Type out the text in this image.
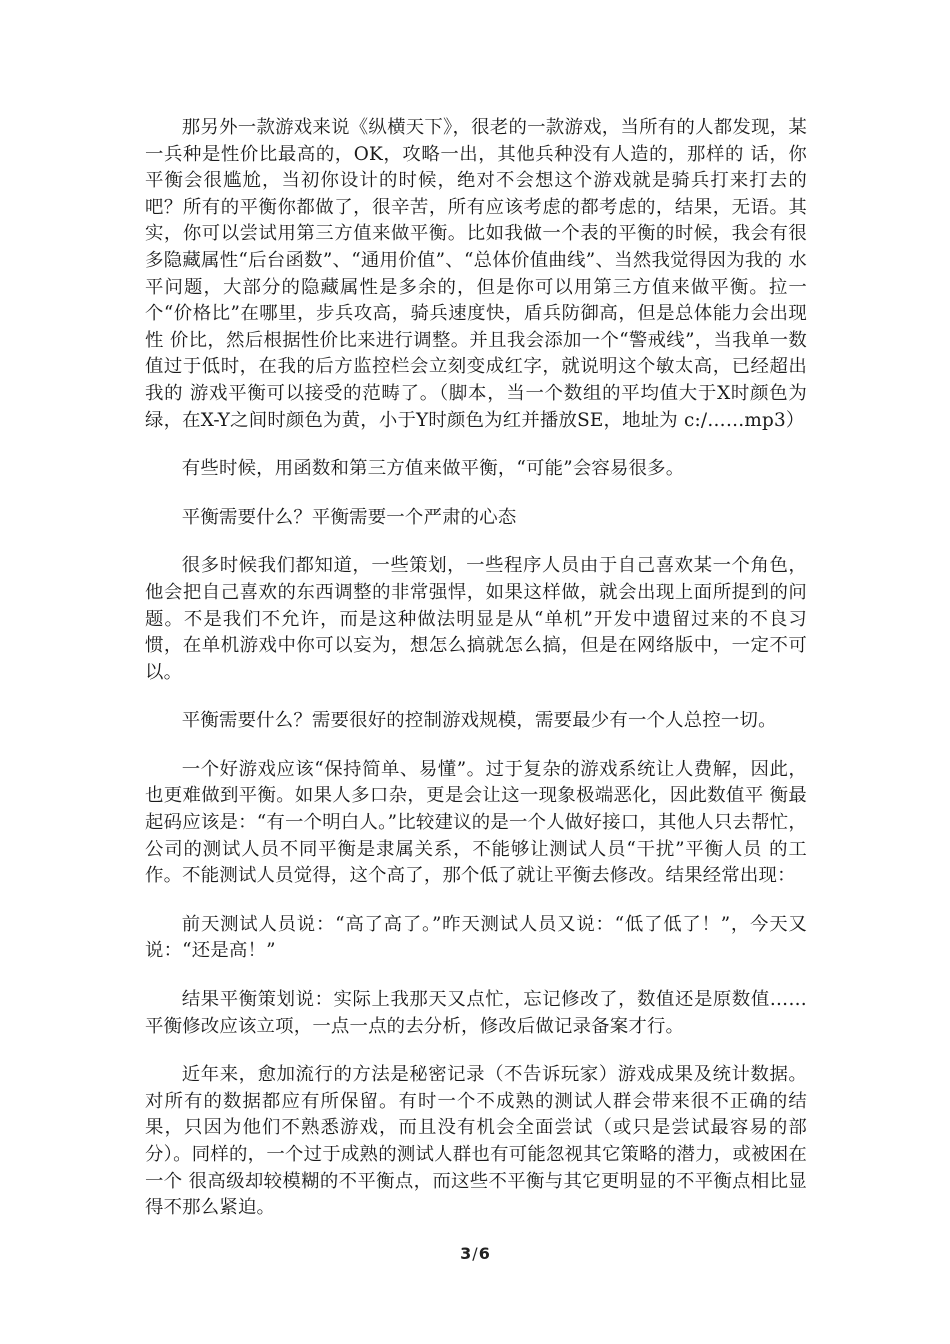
那另外一款游戏来说《纵横天下》，很老的一款游戏，当所有的人都发现，某一兵种是性价比最高的，OK，攻略一出，其他兵种没有人造的，那样的 话，你平衡会很尴尬，当初你设计的时候，绝对不会想这个游戏就是骑兵打来打去的吧？所有的平衡你都做了，很辛苦，所有应该考虑的都考虑的，结果，无语。其 实，你可以尝试用第三方值来做平衡。比如我做一个表的平衡的时候，我会有很多隐藏属性“后台函数”、“通用价值”、“总体价值曲线”、当然我觉得因为我的 水平问题，大部分的隐藏属性是多余的，但是你可以用第三方值来做平衡。拉一个“价格比”在哪里，步兵攻高，骑兵速度快，盾兵防御高，但是总体能力会出现性 价比，然后根据性价比来进行调整。并且我会添加一个“警戒线”，当我单一数值过于低时，在我的后方监控栏会立刻变成红字，就说明这个敏太高，已经超出我的 游戏平衡可以接受的范畴了。（脚本，当一个数组的平均值大于X时颜色为绿，在X-Y之间时颜色为黄，小于Y时颜色为红并播放SE，地址为 c:/……mp3）

有些时候，用函数和第三方值来做平衡，“可能”会容易很多。

平衡需要什么？平衡需要一个严肃的心态

很多时候我们都知道，一些策划，一些程序人员由于自己喜欢某一个角色，他会把自己喜欢的东西调整的非常强悍，如果这样做，就会出现上面所提到的问题。不是我们不允许，而是这种做法明显是从“单机”开发中遗留过来的不良习惯，在单机游戏中你可以妄为，想怎么搞就怎么搞，但是在网络版中，一定不可 以。

平衡需要什么？需要很好的控制游戏规模，需要最少有一个人总控一切。

一个好游戏应该“保持简单、易懂”。过于复杂的游戏系统让人费解，因此，也更难做到平衡。如果人多口杂，更是会让这一现象极端恶化，因此数值平 衡最起码应该是：“有一个明白人。”比较建议的是一个人做好接口，其他人只去帮忙，公司的测试人员不同平衡是隶属关系，不能够让测试人员“干扰”平衡人员 的工作。不能测试人员觉得，这个高了，那个低了就让平衡去修改。结果经常出现：

前天测试人员说：“高了高了。”昨天测试人员又说：“低了低了！”，今天又说：“还是高！”

结果平衡策划说：实际上我那天又点忙，忘记修改了，数值还是原数值……平衡修改应该立项，一点一点的去分析，修改后做记录备案才行。

近年来，愈加流行的方法是秘密记录（不告诉玩家）游戏成果及统计数据。对所有的数据都应有所保留。有时一个不成熟的测试人群会带来很不正确的结果，只因为他们不熟悉游戏，而且没有机会全面尝试（或只是尝试最容易的部分）。同样的，一个过于成熟的测试人群也有可能忽视其它策略的潜力，或被困在一个 很高级却较模糊的不平衡点，而这些不平衡与其它更明显的不平衡点相比显得不那么紧迫。

3/6
